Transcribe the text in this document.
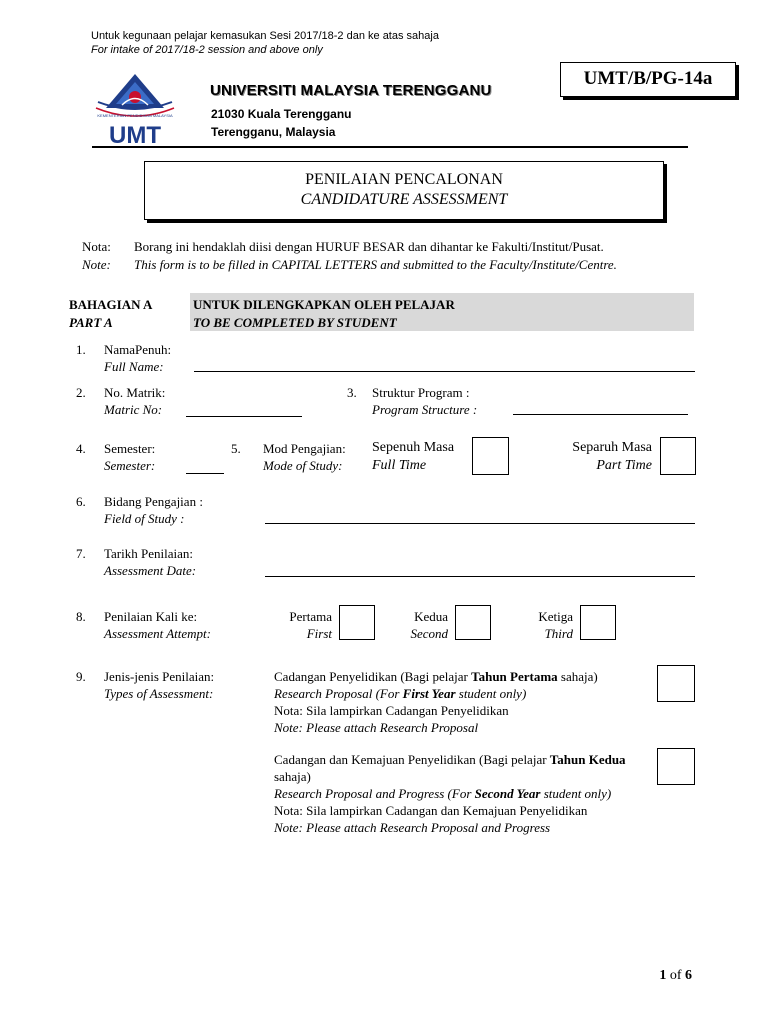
Untuk kegunaan pelajar kemasukan Sesi 2017/18-2 dan ke atas sahaja
For intake of 2017/18-2 session and above only
KEMENTERIAN PENDIDIKAN MALAYSIA
UMT
UNIVERSITI MALAYSIA TERENGGANU
21030 Kuala Terengganu
Terengganu, Malaysia
UMT/B/PG-14a
PENILAIAN PENCALONAN
CANDIDATURE ASSESSMENT
Nota:
Note:
Borang ini hendaklah diisi dengan HURUF BESAR dan dihantar ke Fakulti/Institut/Pusat.
This form is to be filled in CAPITAL LETTERS and submitted to the Faculty/Institute/Centre.
BAHAGIAN A
PART A
UNTUK DILENGKAPKAN OLEH PELAJAR
TO BE COMPLETED BY STUDENT
1. NamaPenuh:
Full Name:
2. No. Matrik:
Matric No:
3. Struktur Program :
Program Structure :
4. Semester:
Semester:
5. Mod Pengajian:
Mode of Study:
Sepenuh Masa
Full Time
Separuh Masa
Part Time
6. Bidang Pengajian :
Field of Study :
7. Tarikh Penilaian:
Assessment Date:
8. Penilaian Kali ke:
Assessment Attempt:
Pertama
First
Kedua
Second
Ketiga
Third
9. Jenis-jenis Penilaian:
Types of Assessment:
Cadangan Penyelidikan (Bagi pelajar Tahun Pertama sahaja)
Research Proposal (For First Year student only)
Nota: Sila lampirkan Cadangan Penyelidikan
Note: Please attach Research Proposal
Cadangan dan Kemajuan Penyelidikan (Bagi pelajar Tahun Kedua
sahaja)
Research Proposal and Progress (For Second Year student only)
Nota: Sila lampirkan Cadangan dan Kemajuan Penyelidikan
Note: Please attach Research Proposal and Progress
1 of 6
